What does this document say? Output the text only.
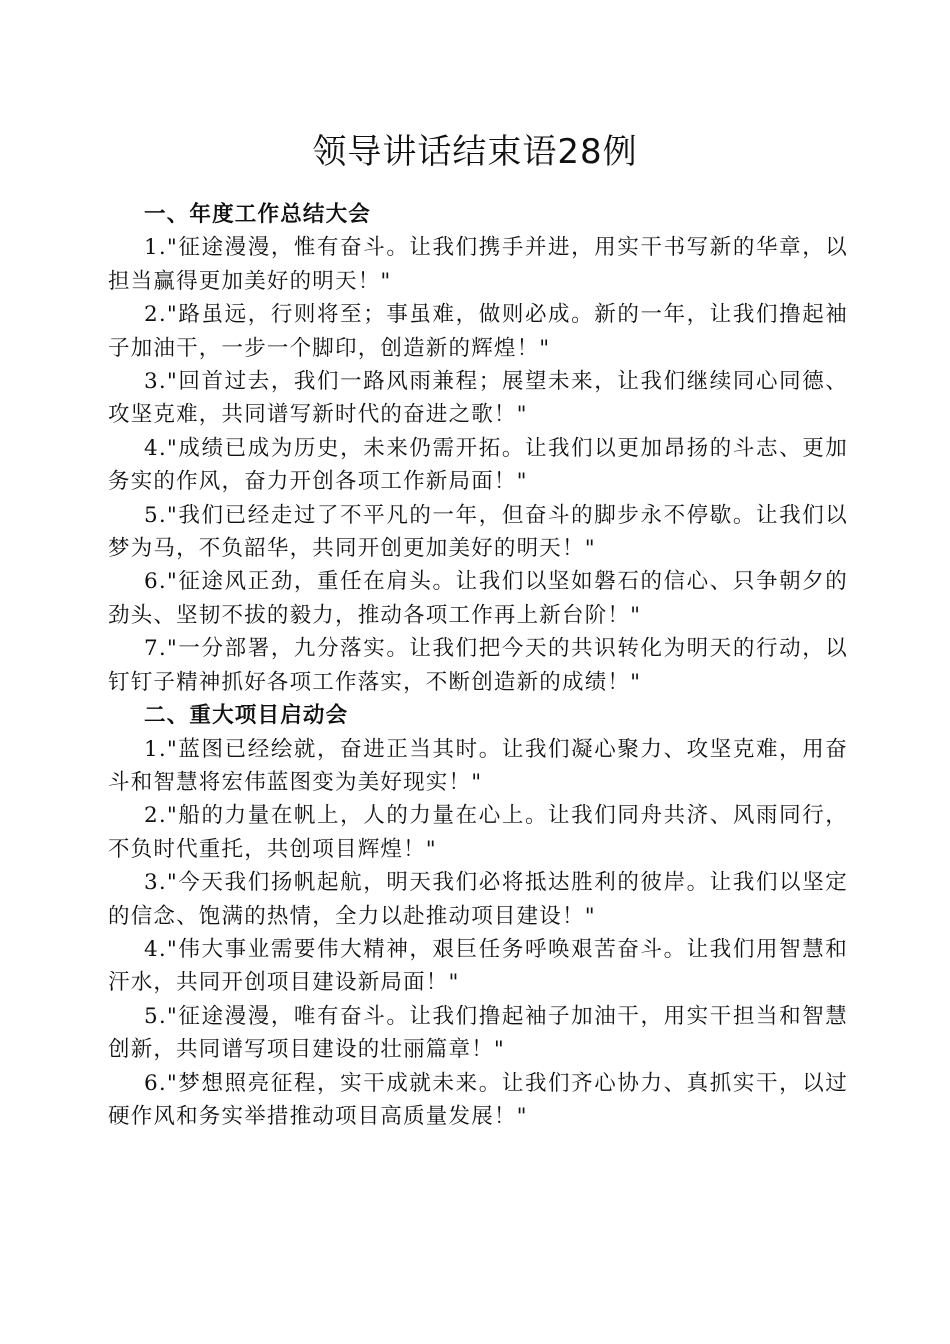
领导讲话结束语28例

一、年度工作总结大会

1."征途漫漫，惟有奋斗。让我们携手并进，用实干书写新的华章，以担当赢得更加美好的明天！"

2."路虽远，行则将至；事虽难，做则必成。新的一年，让我们撸起袖子加油干，一步一个脚印，创造新的辉煌！"

3."回首过去，我们一路风雨兼程；展望未来，让我们继续同心同德、攻坚克难，共同谱写新时代的奋进之歌！"

4."成绩已成为历史，未来仍需开拓。让我们以更加昂扬的斗志、更加务实的作风，奋力开创各项工作新局面！"

5."我们已经走过了不平凡的一年，但奋斗的脚步永不停歇。让我们以梦为马，不负韶华，共同开创更加美好的明天！"

6."征途风正劲，重任在肩头。让我们以坚如磐石的信心、只争朝夕的劲头、坚韧不拔的毅力，推动各项工作再上新台阶！"

7."一分部署，九分落实。让我们把今天的共识转化为明天的行动，以钉钉子精神抓好各项工作落实，不断创造新的成绩！"

二、重大项目启动会

1."蓝图已经绘就，奋进正当其时。让我们凝心聚力、攻坚克难，用奋斗和智慧将宏伟蓝图变为美好现实！"

2."船的力量在帆上，人的力量在心上。让我们同舟共济、风雨同行，不负时代重托，共创项目辉煌！"

3."今天我们扬帆起航，明天我们必将抵达胜利的彼岸。让我们以坚定的信念、饱满的热情，全力以赴推动项目建设！"

4."伟大事业需要伟大精神，艰巨任务呼唤艰苦奋斗。让我们用智慧和汗水，共同开创项目建设新局面！"

5."征途漫漫，唯有奋斗。让我们撸起袖子加油干，用实干担当和智慧创新，共同谱写项目建设的壮丽篇章！"

6."梦想照亮征程，实干成就未来。让我们齐心协力、真抓实干，以过硬作风和务实举措推动项目高质量发展！"
